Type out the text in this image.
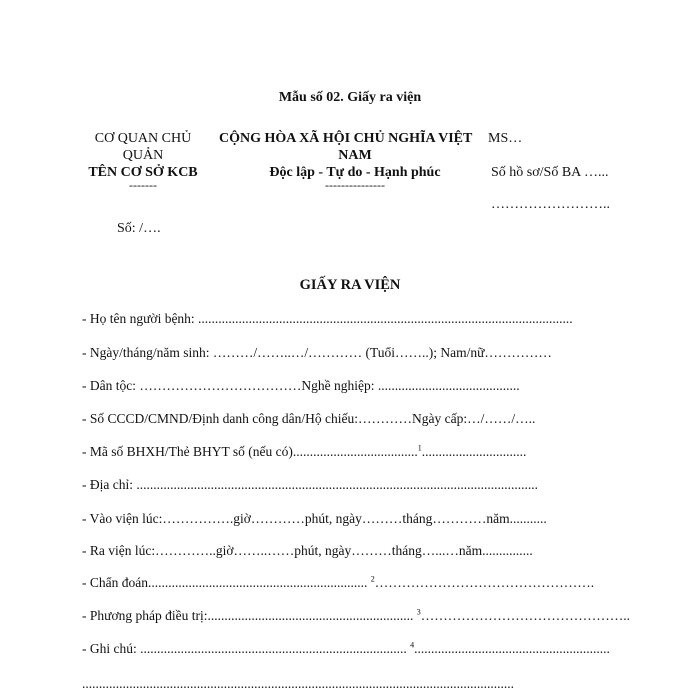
Mẫu số 02. Giấy ra viện
CƠ QUAN CHỦ
QUẢN
TÊN CƠ SỞ KCB
-------
CỘNG HÒA XÃ HỘI CHỦ NGHĨA VIỆT MS…
NAM
Độc lập - Tự do - Hạnh phúc
---------------
Số hồ sơ/Số BA …...
……………………..
Số: /….
GIẤY RA VIỆN
- Họ tên người bệnh: ...............................................................................................................
- Ngày/tháng/năm sinh: ………/……..…/………… (Tuổi……..); Nam/nữ……………
- Dân tộc: ………………………………Nghề nghiệp: ..........................................
- Số CCCD/CMND/Định danh công dân/Hộ chiếu:…………Ngày cấp:…/……/…..
- Mã số BHXH/Thẻ BHYT số (nếu có).....................................$^1$...............................
- Địa chỉ: .......................................................................................................................
- Vào viện lúc:…………….giờ…………phút, ngày………tháng…………năm...........
- Ra viện lúc:…………..giờ……..……phút, ngày………tháng…...…năm...............
- Chẩn đoán................................................................. $^2$………………………………………….
- Phương pháp điều trị:............................................................. $^3$………………………………………..
- Ghi chú: ............................................................................... $^4$..........................................................
................................................................................................................................
